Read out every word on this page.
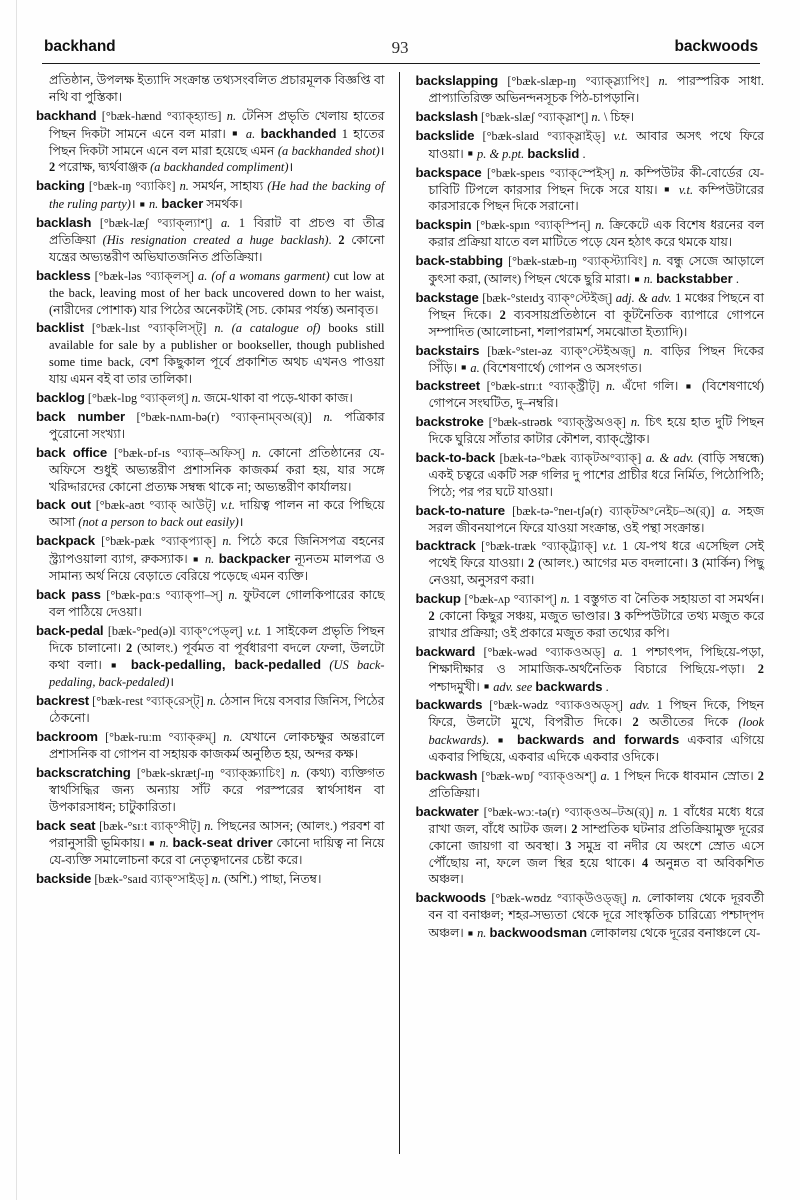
backhand	93	backwoods

প্রতিষ্ঠান, উপলক্ষ ইত্যাদি সংক্রান্ত তথ্যসংবলিত প্রচারমূলক বিজ্ঞপ্তি বা নথি বা পুস্তিকা।

backhand [°bæk-hænd °ব্যাক্‌হ্যান্ড] n. টেনিস প্রভৃতি খেলায় হাতের পিছন দিকটা সামনে এনে বল মারা। ■ a. backhanded 1 হাতের পিছন দিকটা সামনে এনে বল মারা হয়েছে এমন (a backhanded shot)। 2 পরোক্ষ, দ্ব্যর্থবাঞ্জক (a backhanded compliment)।

backing [°bæk-ɪŋ °ব্যাকিং] n. সমর্থন, সাহায্য (He had the backing of the ruling party)। ■ n. backer সমর্থক।

backlash [°bæk-læʃ °ব্যাক্‌ল্যাশ্] a. 1 বিরাট বা প্রচণ্ড বা তীব্র প্রতিক্রিয়া (His resignation created a huge backlash). 2 কোনো যন্ত্রের অভ্যন্তরীণ অভিঘাতজনিত প্রতিক্রিয়া।

backless [°bæk-ləs °ব্যাক্‌লস্] a. (of a womans garment) cut low at the back, leaving most of her back uncovered down to her waist, (নারীদের পোশাক) যার পিঠের অনেকটাই (সচ. কোমর পর্যন্ত) অনাবৃত।

backlist [°bæk-lɪst °ব্যাক্‌লিস্ট্] n. (a catalogue of) books still available for sale by a publisher or bookseller, though published some time back, বেশ কিছুকাল পূর্বে প্রকাশিত অথচ এখনও পাওয়া যায় এমন বই বা তার তালিকা।

backlog [°bæk-lɒg °ব্যাক্‌লগ্] n. জমে-থাকা বা পড়ে-থাকা কাজ।

back number [°bæk-nʌm-bə(r) °ব্যাক্‌নাম্‌বঅ(র্)] n. পত্রিকার পুরোনো সংখ্যা।

back office [°bæk-ɒf-ɪs °ব্যাক্‌–অফিস্] n. কোনো প্রতিষ্ঠানের যে-অফিসে শুধুই অভ্যন্তরীণ প্রশাসনিক কাজকর্ম করা হয়, যার সঙ্গে খরিদ্দারদের কোনো প্রত্যক্ষ সম্বন্ধ থাকে না; অভ্যন্তরীণ কার্যালয়।

back out [°bæk-aʊt °ব্যাক্‌ আউট্] v.t. দায়িত্ব পালন না করে পিছিয়ে আসা (not a person to back out easily)।

backpack [°bæk-pæk °ব্যাক্‌প্যাক্] n. পিঠে করে জিনিসপত্র বহনের স্ট্র্যাপওয়ালা ব্যাগ, রুকস্যাক। ■ n. backpacker ন্যূনতম মালপত্র ও সামান্য অর্থ নিয়ে বেড়াতে বেরিয়ে পড়েছে এমন ব্যক্তি।

back pass [°bæk-pɑːs °ব্যাক্‌পা–স্] n. ফুটবলে গোলকিপারের কাছে বল পাঠিয়ে দেওয়া।

back-pedal [bæk-°ped(ə)l ব্যাক্‌°পেড্‌ল্] v.t. 1 সাইকেল প্রভৃতি পিছন দিকে চালানো। 2 (আলং.) পূর্বমত বা পূর্বধারণা বদলে ফেলা, উলটো কথা বলা। ■ back-pedalling, back-pedalled (US back-pedaling, back-pedaled)।

backrest [°bæk-rest °ব্যাক্‌রেস্ট্] n. ঠেসান দিয়ে বসবার জিনিস, পিঠের ঠেকনো।

backroom [°bæk-ruːm °ব্যাক্‌রুম্] n. যেখানে লোকচক্ষুর অন্তরালে প্রশাসনিক বা গোপন বা সহায়ক কাজকর্ম অনুষ্ঠিত হয়, অন্দর কক্ষ।

backscratching [°bæk-skrætʃ-ɪŋ °ব্যাক্‌স্ক্র্যাচিং] n. (কথ্য) ব্যক্তিগত স্বার্থসিদ্ধির জন্য অন্যায় সাঁট করে পরস্পরের স্বার্থসাধন বা উপকারসাধন; চাটুকারিতা।

back seat [bæk-°sɪːt ব্যাক্‌°সীট্] n. পিছনের আসন; (আলং.) পরবশ বা পরানুসারী ভূমিকায়। ■ n. back-seat driver কোনো দায়িত্ব না নিয়ে যে-ব্যক্তি সমালোচনা করে বা নেতৃত্বদানের চেষ্টা করে।

backside [bæk-°saɪd ব্যাক্‌°সাইড্] n. (অশি.) পাছা, নিতম্ব।

backslapping [°bæk-slæp-ɪŋ °ব্যাক্‌স্ল্যাপিং] n. পারস্পরিক সাধা. প্রাপ্যাতিরিক্ত অভিনন্দনসূচক পিঠ-চাপড়ানি।

backslash [°bæk-slæʃ °ব্যাক্‌স্লাশ্] n. \ চিহ্ন।

backslide [°bæk-slaɪd °ব্যাক্‌স্লাইড্] v.t. আবার অসৎ পথে ফিরে যাওয়া। ■ p. & p.pt. backslid .

backspace [°bæk-speɪs °ব্যাক্‌স্পেইস্] n. কম্পিউটর কী-বোর্ডের যে-চাবিটি টিপলে কারসার পিছন দিকে সরে যায়। ■ v.t. কম্পিউটারের কারসারকে পিছন দিকে সরানো।

backspin [°bæk-spɪn °ব্যাক্‌স্পিন্] n. ক্রিকেটে এক বিশেষ ধরনের বল করার প্রক্রিয়া যাতে বল মাটিতে পড়ে যেন হঠাৎ করে থমকে যায়।

back-stabbing [°bæk-stæb-ɪŋ °ব্যাক্‌স্ট্যাবিং] n. বন্ধু সেজে আড়ালে কুৎসা করা, (আলং) পিছন থেকে ছুরি মারা। ■ n. backstabber .

backstage [bæk-°steɪdʒ ব্যাক্‌°স্টেইজ্] adj. & adv. 1 মঞ্চের পিছনে বা পিছন দিকে। 2 ব্যবসায়প্রতিষ্ঠানে বা কূটনৈতিক ব্যাপারে গোপনে সম্পাদিত (আলোচনা, শলাপরামর্শ, সমঝোতা ইত্যাদি)।

backstairs [bæk-°steɪ-əz ব্যাক্‌°স্টেইঅজ়্] n. বাড়ির পিছন দিকের সিঁড়ি। ■ a. (বিশেষণার্থে) গোপন ও অসংগত।

backstreet [°bæk-strɪːt °ব্যাক্‌স্ট্রীট্] n. এঁদো গলি। ■ (বিশেষণার্থে) গোপনে সংঘটিত, দু–নম্বরি।

backstroke [°bæk-strəʊk °ব্যাক্‌স্ট্রঅওক্] n. চিৎ হয়ে হাত দুটি পিছন দিকে ঘুরিয়ে সাঁতার কাটার কৌশল, ব্যাক্‌স্ট্রোক।

back-to-back [bæk-tə-°bæk ব্যাক্‌টঅ°ব্যাক্] a. & adv. (বাড়ি সম্বন্ধে) একই চত্বরে একটি সরু গলির দু পাশের প্রাচীর ধরে নির্মিত, পিঠোপিঠি; পিঠে; পর পর ঘটে যাওয়া।

back-to-nature [bæk-tə-°neɪ-tʃə(r) ব্যাক্‌টঅ°নেইচ–অ(র্)] a. সহজ সরল জীবনযাপনে ফিরে যাওয়া সংক্রান্ত, ওই পন্থা সংক্রান্ত।

backtrack [°bæk-træk °ব্যাক্‌ট্র্যাক্] v.t. 1 যে-পথ ধরে এসেছিল সেই পথেই ফিরে যাওয়া। 2 (আলং.) আগের মত বদলানো। 3 (মার্কিন) পিছু নেওয়া, অনুসরণ করা।

backup [°bæk-ʌp °ব্যাকাপ্] n. 1 বস্তুগত বা নৈতিক সহায়তা বা সমর্থন। 2 কোনো কিছুর সঞ্চয়, মজুত ভাণ্ডার। 3 কম্পিউটারে তথ্য মজুত করে রাখার প্রক্রিয়া; ওই প্রকারে মজুত করা তথ্যের কপি।

backward [°bæk-wəd °ব্যাকওঅড্] a. 1 পশ্চাৎপদ, পিছিয়ে-পড়া, শিক্ষাদীক্ষার ও সামাজিক-অর্থনৈতিক বিচারে পিছিয়ে-পড়া। 2 পশ্চাদমুখী। ■ adv. see backwards .

backwards [°bæk-wədz °ব্যাকওঅড্‌স্] adv. 1 পিছন দিকে, পিছন ফিরে, উলটো মুখে, বিপরীত দিকে। 2 অতীতের দিকে (look backwards). ■ backwards and forwards একবার এগিয়ে একবার পিছিয়ে, একবার এদিকে একবার ওদিকে।

backwash [°bæk-wɒʃ °ব্যাক্‌ওঅশ্] a. 1 পিছন দিকে ধাবমান স্রোত। 2 প্রতিক্রিয়া।

backwater [°bæk-wɔː-tə(r) °ব্যাক্‌ওঅ–টঅ(র্)] n. 1 বাঁধের মধ্যে ধরে রাখা জল, বাঁধে আটক জল। 2 সাম্প্রতিক ঘটনার প্রতিক্রিয়ামুক্ত দূরের কোনো জায়গা বা অবস্থা। 3 সমুদ্র বা নদীর যে অংশে স্রোত এসে পৌঁছোয় না, ফলে জল স্থির হয়ে থাকে। 4 অনুন্নত বা অবিকশিত অঞ্চল।

backwoods [°bæk-wʊdz °ব্যাক্‌উওড্‌জ়্] n. লোকালয় থেকে দূরবর্তী বন বা বনাঞ্চল; শহর-সভ্যতা থেকে দূরে সাংস্কৃতিক চারিত্র্যে পশ্চাদ্‌পদ অঞ্চল। ■ n. backwoodsman লোকালয় থেকে দূরের বনাঞ্চলে যে-
